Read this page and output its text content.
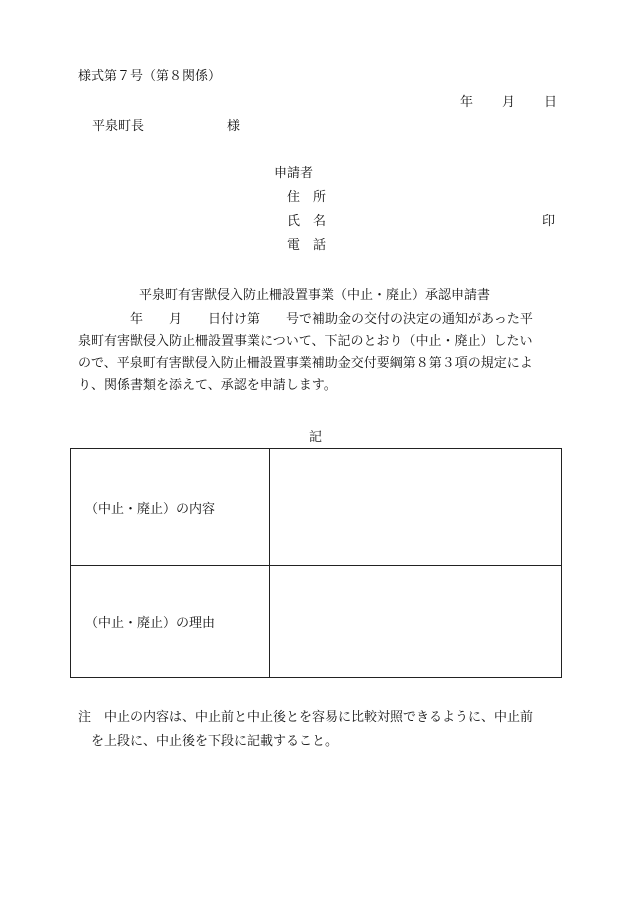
様式第７号（第８関係）
年 月 日
平泉町長	様
申請者
住　所
氏　名
電　話
印
平泉町有害獣侵入防止柵設置事業（中止・廃止）承認申請書
　　　　年　　月　　日付け第　　号で補助金の交付の決定の通知があった平
泉町有害獣侵入防止柵設置事業について、下記のとおり（中止・廃止）したい
ので、平泉町有害獣侵入防止柵設置事業補助金交付要綱第８第３項の規定によ
り、関係書類を添えて、承認を申請します。
記
（中止・廃止）の内容	
（中止・廃止）の理由	
注　中止の内容は、中止前と中止後とを容易に比較対照できるように、中止前
　を上段に、中止後を下段に記載すること。
